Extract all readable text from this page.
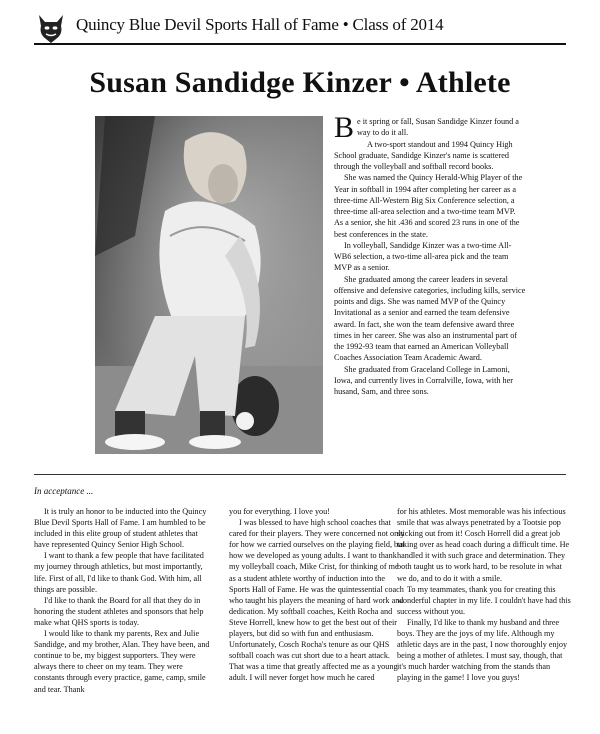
Quincy Blue Devil Sports Hall of Fame • Class of 2014
Susan Sandidge Kinzer • Athlete

Be it spring or fall, Susan Sandidge Kinzer found a way to do it all.

A two-sport standout and 1994 Quincy High School graduate, Sandidge Kinzer's name is scattered through the volleyball and softball record books.

She was named the Quincy Herald-Whig Player of the Year in softball in 1994 after completing her career as a three-time All-Western Big Six Conference selection, a three-time all-area selection and a two-time team MVP. As a senior, she hit .436 and scored 23 runs in one of the best conferences in the state.

In volleyball, Sandidge Kinzer was a two-time All-WB6 selection, a two-time all-area pick and the team MVP as a senior.

She graduated among the career leaders in several offensive and defensive categories, including kills, service points and digs. She was named MVP of the Quincy Invitational as a senior and earned the team defensive award. In fact, she won the team defensive award three times in her career. She was also an instrumental part of the 1992-93 team that earned an American Volleyball Coaches Association Team Academic Award.

She graduated from Graceland College in Lamoni, Iowa, and currently lives in Corralville, Iowa, with her husand, Sam, and three sons.

In acceptance ...

It is truly an honor to be inducted into the Quincy Blue Devil Sports Hall of Fame. I am humbled to be included in this elite group of student athletes that have represented Quincy Senior High School.

I want to thank a few people that have facilitated my journey through athletics, but most importantly, life. First of all, I'd like to thank God. With him, all things are possible.

I'd like to thank the Board for all that they do in honoring the student athletes and sponsors that help make what QHS sports is today.

I would like to thank my parents, Rex and Julie Sandidge, and my brother, Alan. They have been, and continue to be, my biggest supporters. They were always there to cheer on my team. They were constants through every practice, game, camp, smile and tear. Thank

you for everything. I love you!

I was blessed to have high school coaches that cared for their players. They were concerned not only for how we carried ourselves on the playing field, but how we developed as young adults. I want to thank my volleyball coach, Mike Crist, for thinking of me as a student athlete worthy of induction into the Sports Hall of Fame. He was the quintessential coach who taught his players the meaning of hard work and dedication. My softball coaches, Keith Rocha and Steve Horrell, knew how to get the best out of their players, but did so with fun and enthusiasm. Unfortunately, Cosch Rocha's tenure as our QHS softball coach was cut short due to a heart attack. That was a time that greatly affected me as a young adult. I will never forget how much he cared

for his athletes. Most memorable was his infectious smile that was always penetrated by a Tootsie pop sticking out from it! Cosch Horrell did a great job taking over as head coach during a difficult time. He handled it with such grace and determination. They both taught us to work hard, to be resolute in what we do, and to do it with a smile.

To my teammates, thank you for creating this wonderful chapter in my life. I couldn't have had this success without you.

Finally, I'd like to thank my husband and three boys. They are the joys of my life. Although my athletic days are in the past, I now thoroughly enjoy being a mother of athletes. I must say, though, that it's much harder watching from the stands than playing in the game! I love you guys!
